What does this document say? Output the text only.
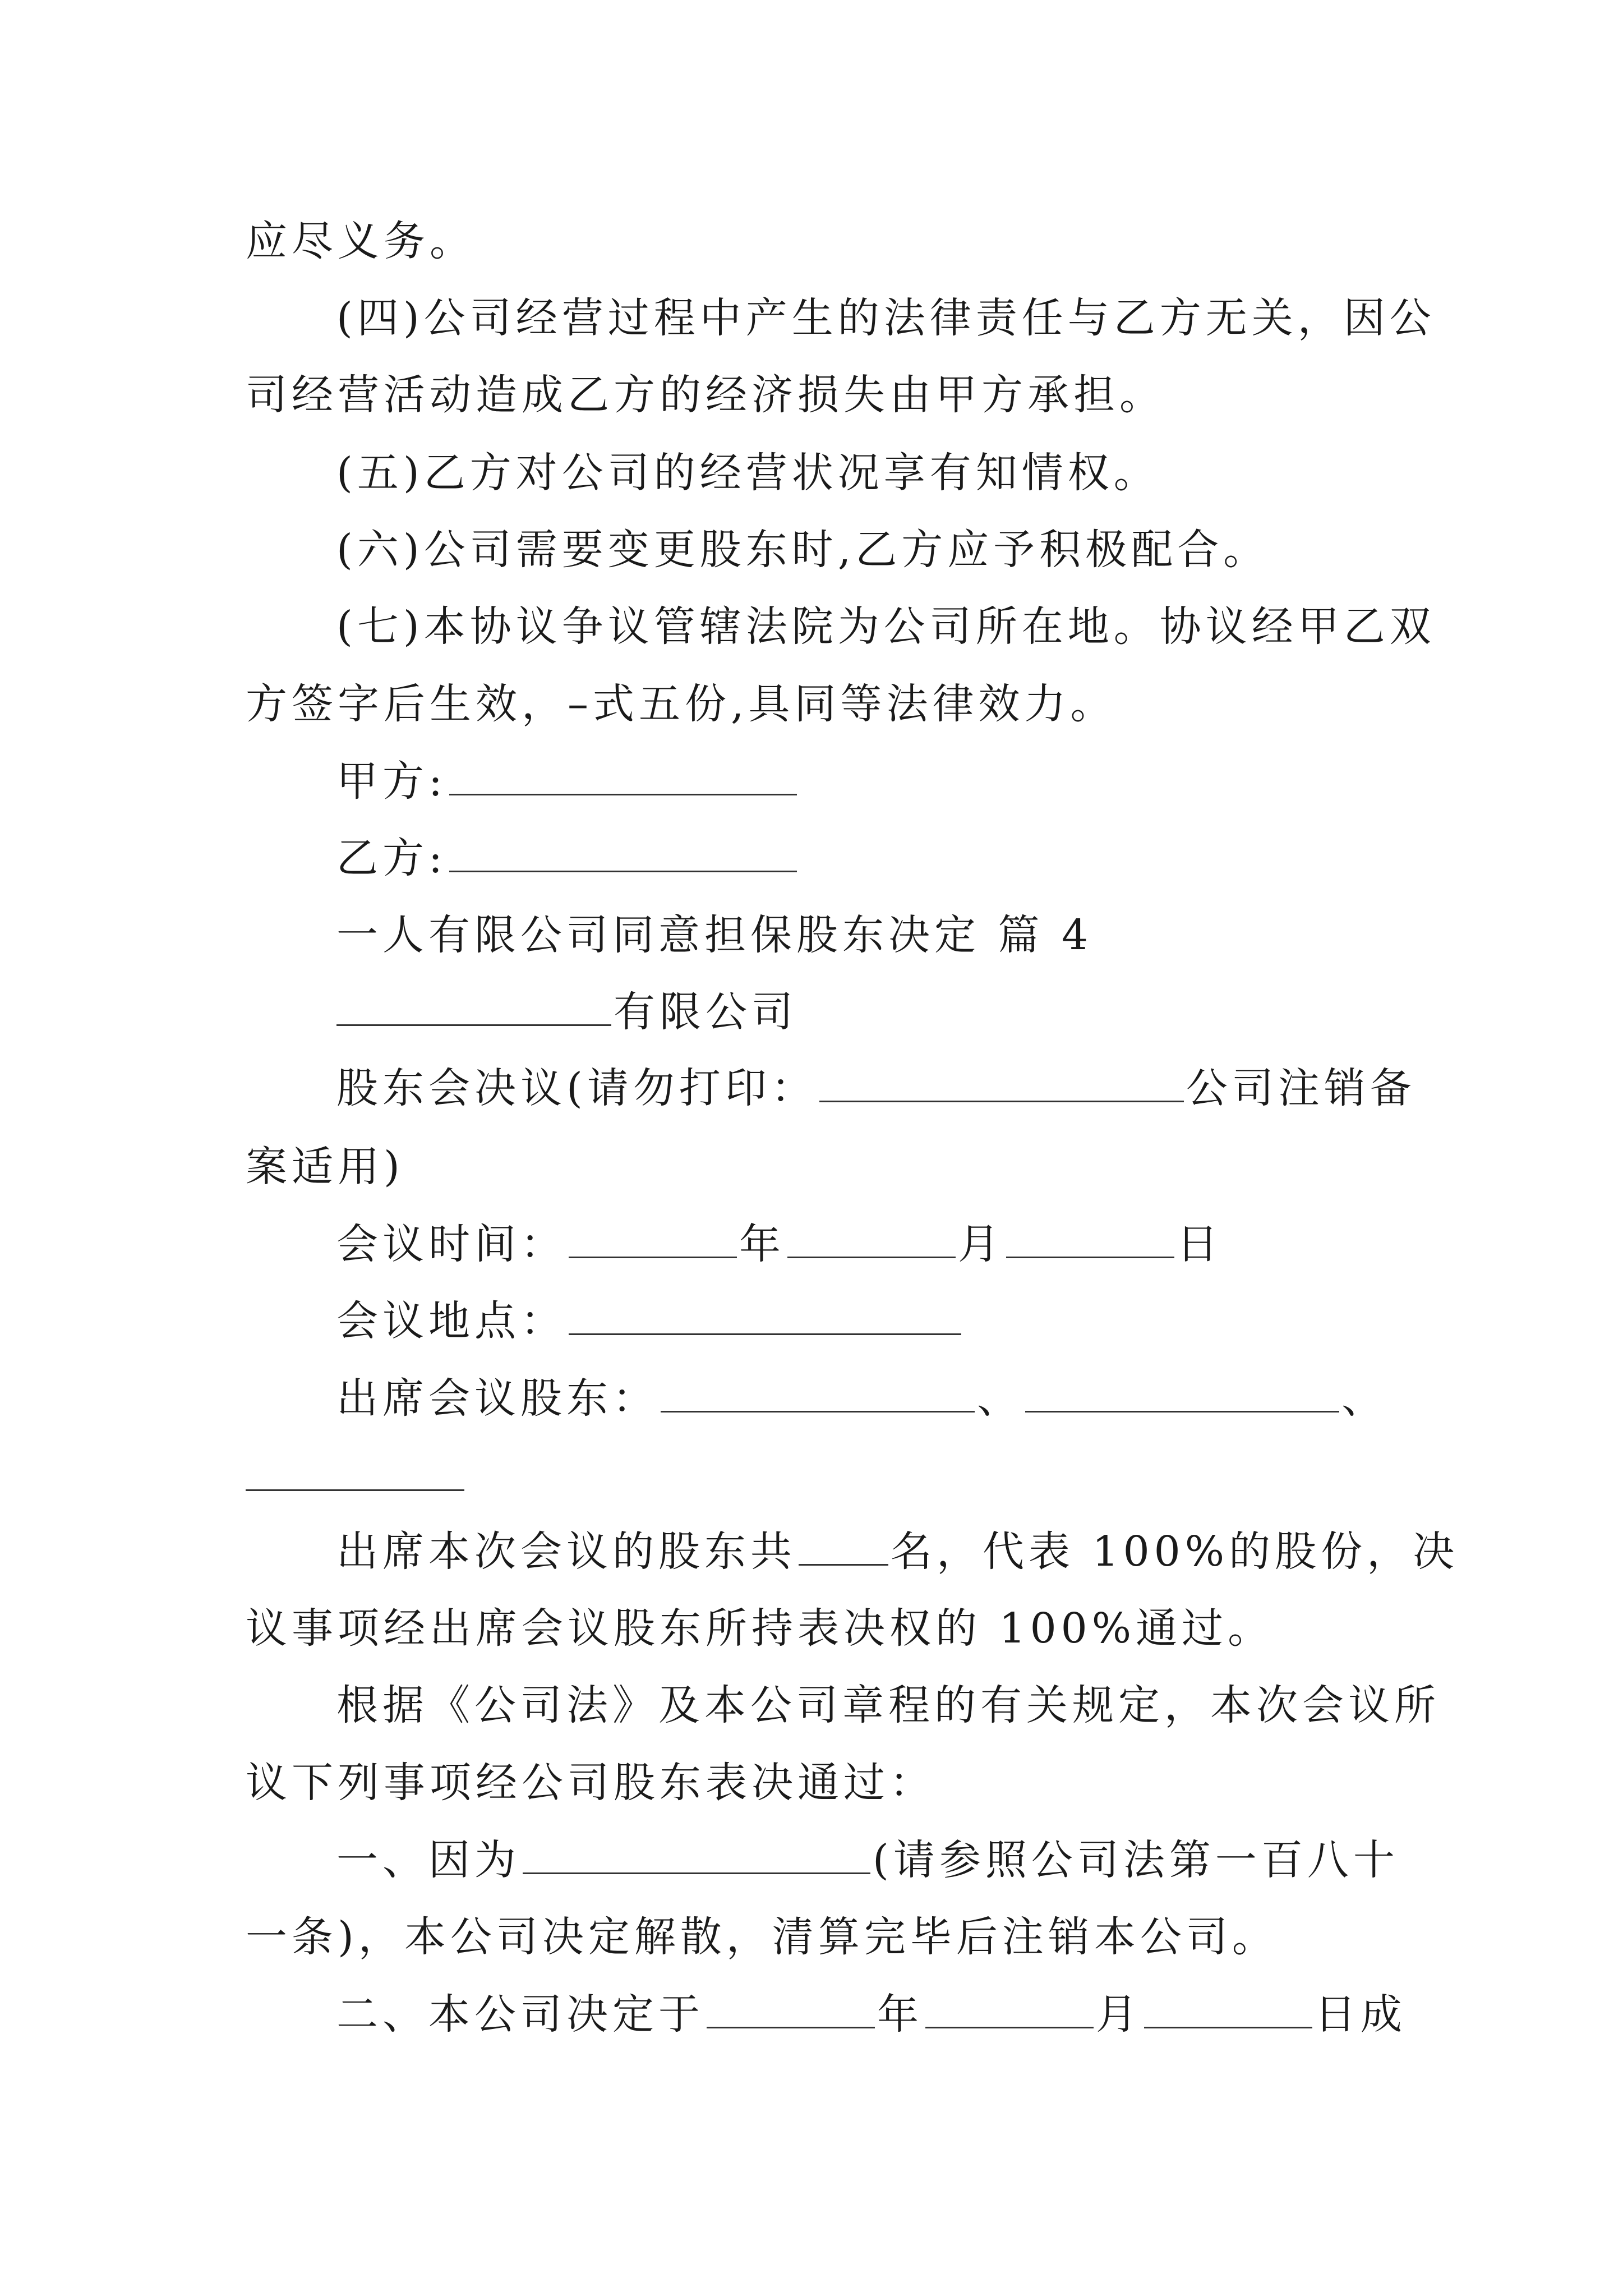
应尽义务。
(四)公司经营过程中产生的法律责任与乙方无关，因公
司经营活动造成乙方的经济损失由甲方承担。
(五)乙方对公司的经营状况享有知情权。
(六)公司需要变更股东时,乙方应予积极配合。
(七)本协议争议管辖法院为公司所在地。协议经甲乙双
方签字后生效，–式五份,具同等法律效力。
甲方:
乙方:
一人有限公司同意担保股东决定 篇 4
有限公司
股东会决议(请勿打印：	公司注销备
案适用)
会议时间：	年	月	日
会议地点：
出席会议股东：	、	、
出席本次会议的股东共 名，代表 100%的股份，决
议事项经出席会议股东所持表决权的 100%通过。
根据《公司法》及本公司章程的有关规定，本次会议所
议下列事项经公司股东表决通过：
一、因为	(请参照公司法第一百八十
一条)，本公司决定解散，清算完毕后注销本公司。
二、本公司决定于	年	月	日成
